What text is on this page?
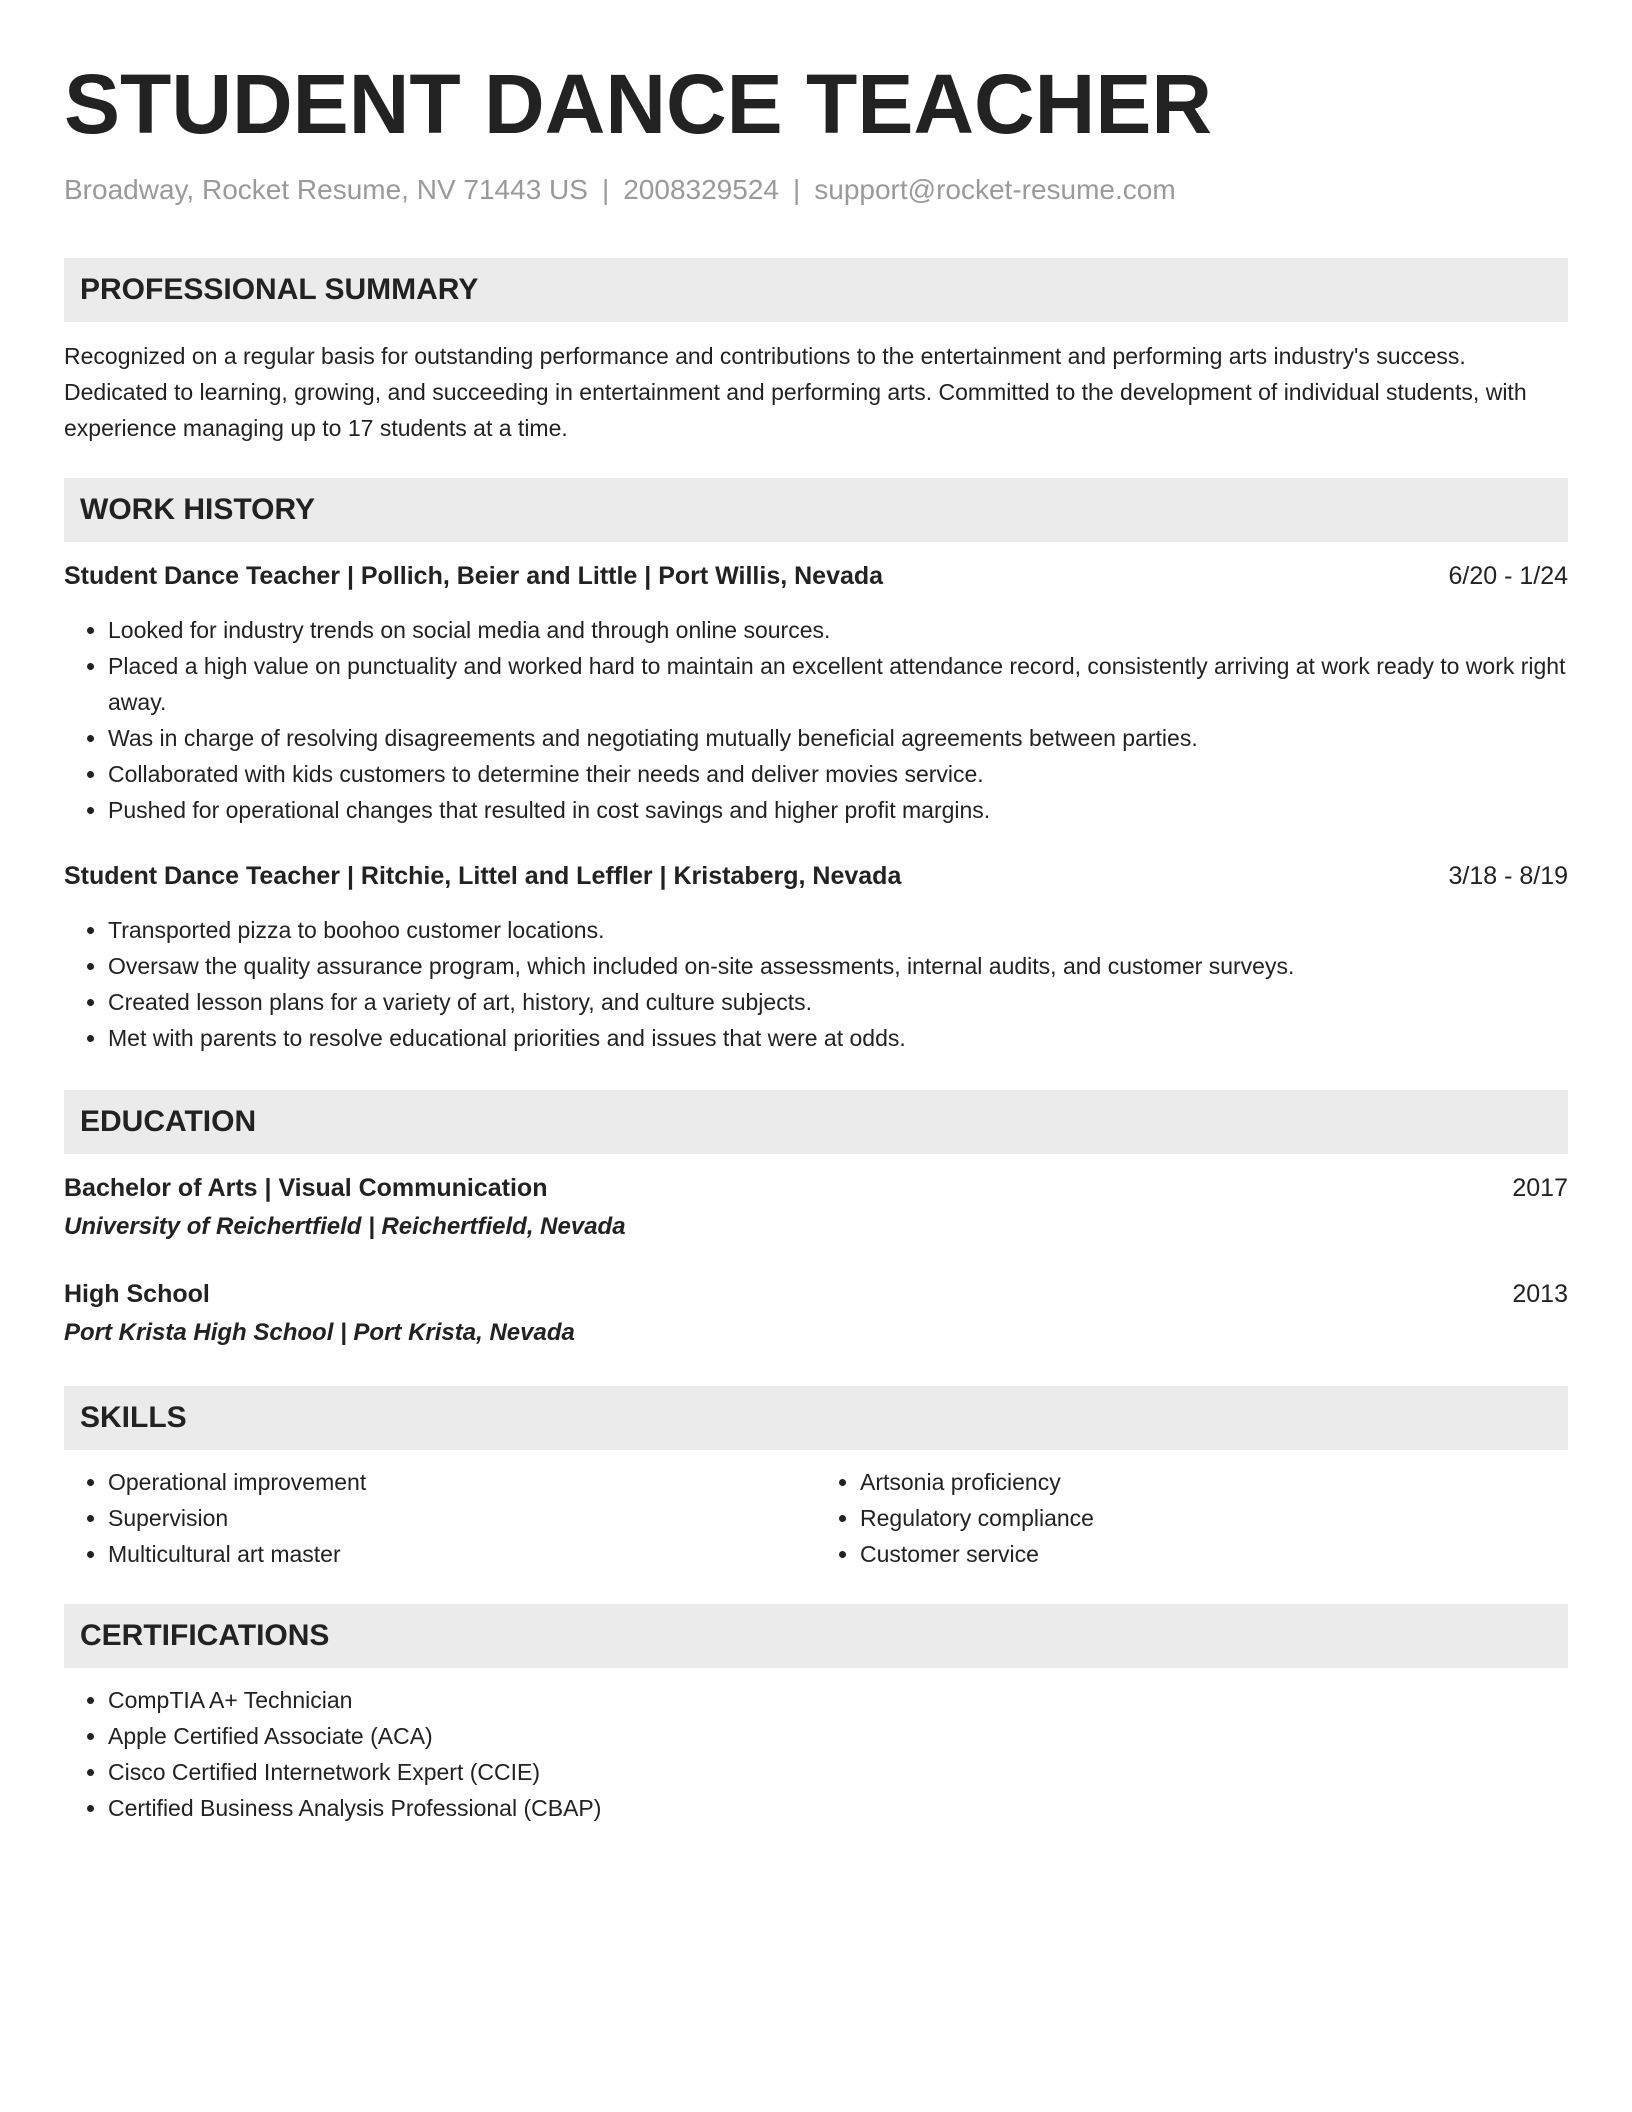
STUDENT DANCE TEACHER
Broadway, Rocket Resume, NV 71443 US | 2008329524 | support@rocket-resume.com
PROFESSIONAL SUMMARY

Recognized on a regular basis for outstanding performance and contributions to the entertainment and performing arts industry's success. Dedicated to learning, growing, and succeeding in entertainment and performing arts. Committed to the development of individual students, with experience managing up to 17 students at a time.

WORK HISTORY
Student Dance Teacher | Pollich, Beier and Little | Port Willis, Nevada	6/20 - 1/24
• Looked for industry trends on social media and through online sources.
• Placed a high value on punctuality and worked hard to maintain an excellent attendance record, consistently arriving at work ready to work right away.
• Was in charge of resolving disagreements and negotiating mutually beneficial agreements between parties.
• Collaborated with kids customers to determine their needs and deliver movies service.
• Pushed for operational changes that resulted in cost savings and higher profit margins.
Student Dance Teacher | Ritchie, Littel and Leffler | Kristaberg, Nevada	3/18 - 8/19
• Transported pizza to boohoo customer locations.
• Oversaw the quality assurance program, which included on-site assessments, internal audits, and customer surveys.
• Created lesson plans for a variety of art, history, and culture subjects.
• Met with parents to resolve educational priorities and issues that were at odds.
EDUCATION
Bachelor of Arts | Visual Communication	2017
University of Reichertfield | Reichertfield, Nevada
High School	2013
Port Krista High School | Port Krista, Nevada
SKILLS
• Operational improvement
• Supervision
• Multicultural art master
• Artsonia proficiency
• Regulatory compliance
• Customer service
CERTIFICATIONS
• CompTIA A+ Technician
• Apple Certified Associate (ACA)
• Cisco Certified Internetwork Expert (CCIE)
• Certified Business Analysis Professional (CBAP)
